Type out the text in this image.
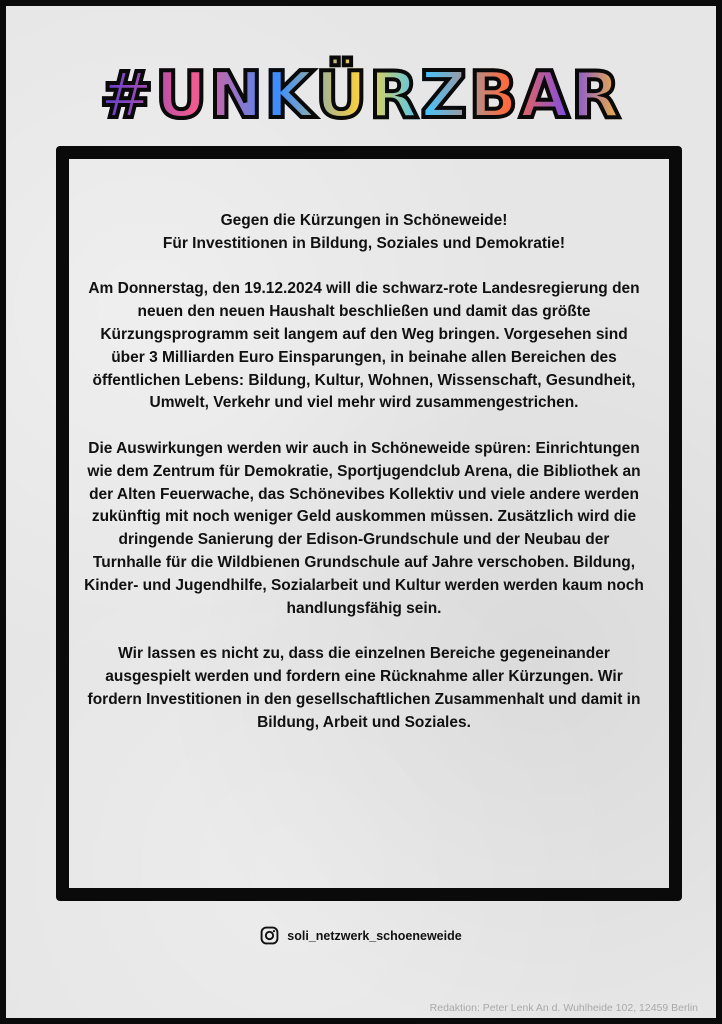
#UNKÜRZBAR

Gegen die Kürzungen in Schöneweide!
Für Investitionen in Bildung, Soziales und Demokratie!

Am Donnerstag, den 19.12.2024 will die schwarz-rote Landesregierung den neuen den neuen Haushalt beschließen und damit das größte Kürzungsprogramm seit langem auf den Weg bringen. Vorgesehen sind über 3 Milliarden Euro Einsparungen, in beinahe allen Bereichen des öffentlichen Lebens: Bildung, Kultur, Wohnen, Wissenschaft, Gesundheit, Umwelt, Verkehr und viel mehr wird zusammengestrichen.

Die Auswirkungen werden wir auch in Schöneweide spüren: Einrichtungen wie dem Zentrum für Demokratie, Sportjugendclub Arena, die Bibliothek an der Alten Feuerwache, das Schönevibes Kollektiv und viele andere werden zukünftig mit noch weniger Geld auskommen müssen. Zusätzlich wird die dringende Sanierung der Edison-Grundschule und der Neubau der Turnhalle für die Wildbienen Grundschule auf Jahre verschoben. Bildung, Kinder- und Jugendhilfe, Sozialarbeit und Kultur werden werden kaum noch handlungsfähig sein.

Wir lassen es nicht zu, dass die einzelnen Bereiche gegeneinander ausgespielt werden und fordern eine Rücknahme aller Kürzungen. Wir fordern Investitionen in den gesellschaftlichen Zusammenhalt und damit in Bildung, Arbeit und Soziales.

soli_netzwerk_schoeneweide
Redaktion: Peter Lenk An d. Wuhlheide 102, 12459 Berlin
